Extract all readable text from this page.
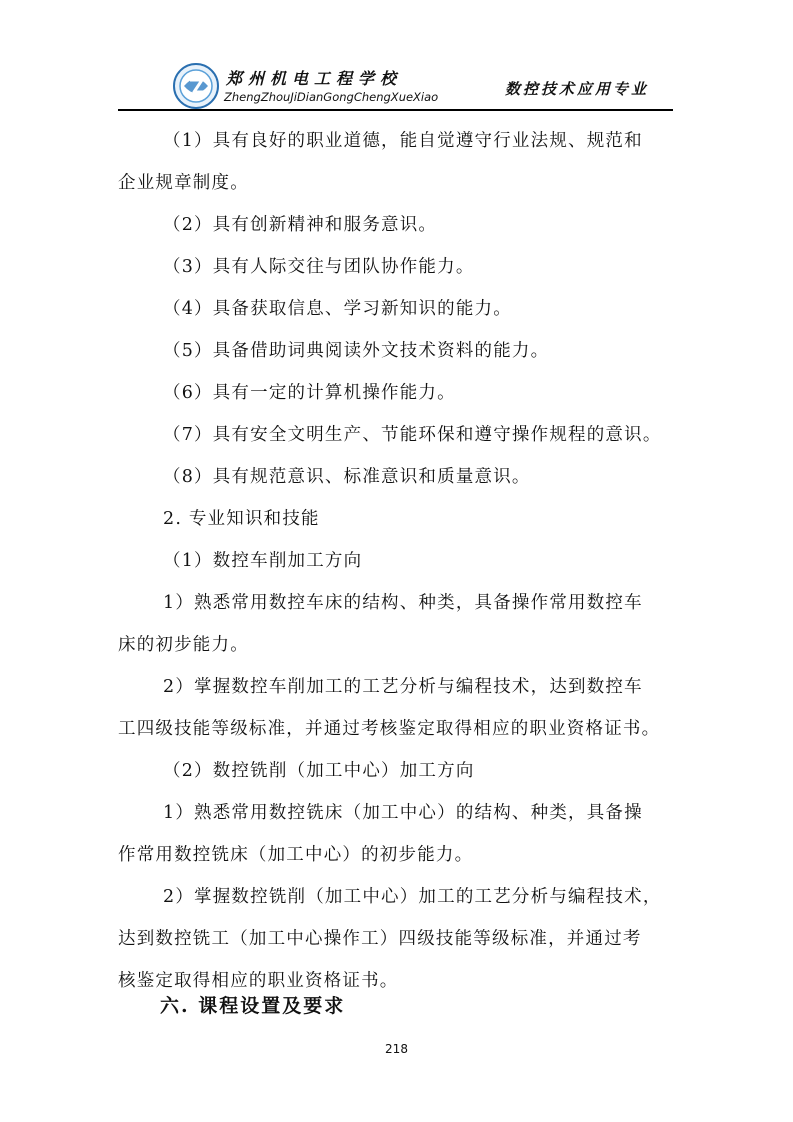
郑州机电工程学校
ZhengZhouJiDianGongChengXueXiao	数控技术应用专业

（1）具有良好的职业道德，能自觉遵守行业法规、规范和
企业规章制度。

（2）具有创新精神和服务意识。

（3）具有人际交往与团队协作能力。

（4）具备获取信息、学习新知识的能力。

（5）具备借助词典阅读外文技术资料的能力。

（6）具有一定的计算机操作能力。

（7）具有安全文明生产、节能环保和遵守操作规程的意识。

（8）具有规范意识、标准意识和质量意识。

2. 专业知识和技能

（1）数控车削加工方向

1）熟悉常用数控车床的结构、种类，具备操作常用数控车
床的初步能力。

2）掌握数控车削加工的工艺分析与编程技术，达到数控车
工四级技能等级标准，并通过考核鉴定取得相应的职业资格证书。

（2）数控铣削（加工中心）加工方向

1）熟悉常用数控铣床（加工中心）的结构、种类，具备操
作常用数控铣床（加工中心）的初步能力。

2）掌握数控铣削（加工中心）加工的工艺分析与编程技术，
达到数控铣工（加工中心操作工）四级技能等级标准，并通过考
核鉴定取得相应的职业资格证书。

六. 课程设置及要求
218
